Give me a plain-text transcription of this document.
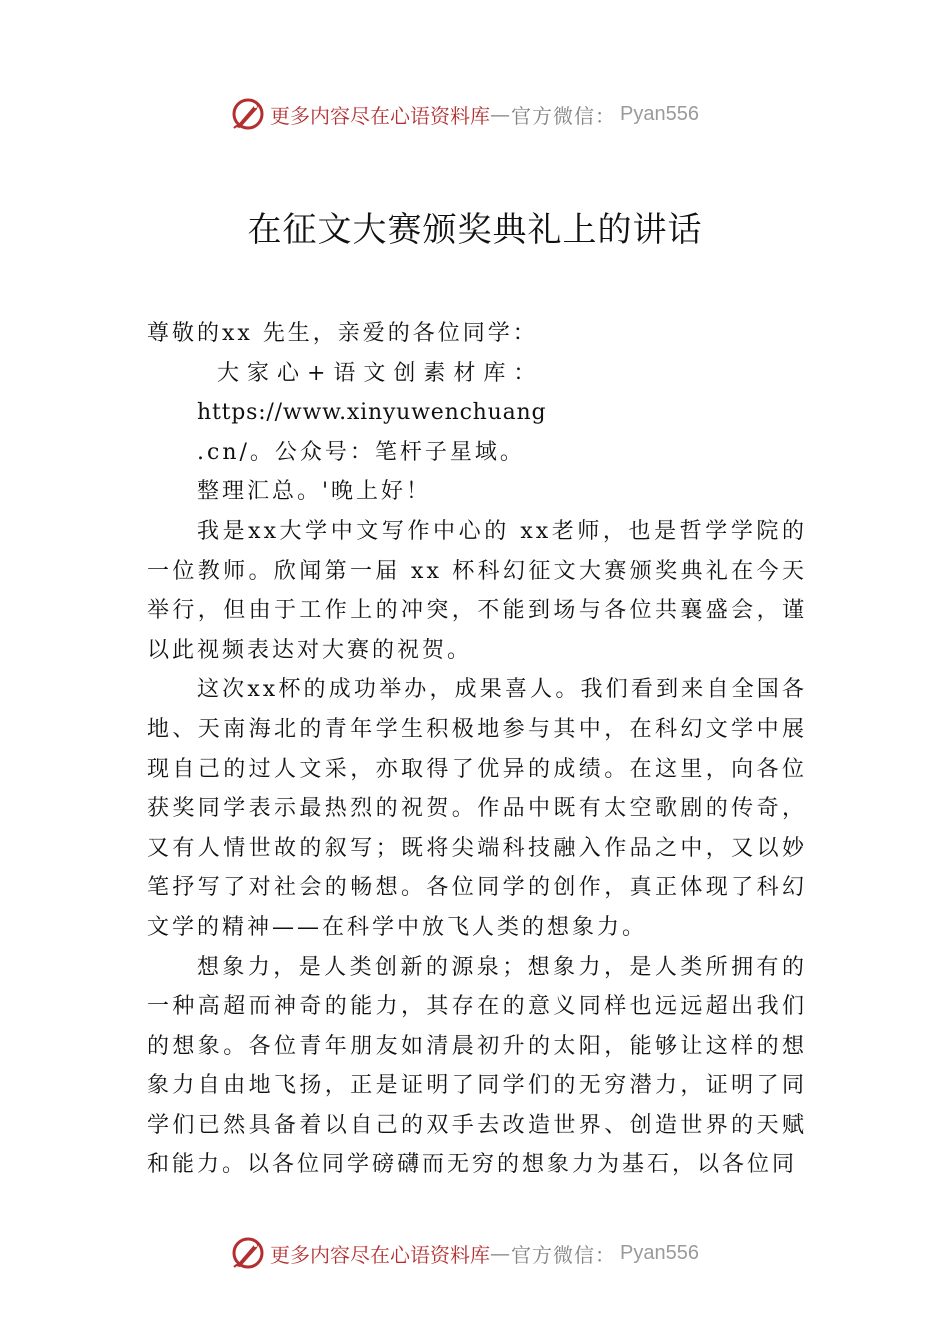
更多内容尽在心语资料库 — 官方微信： Pyan556
在征文大赛颁奖典礼上的讲话

尊敬的xx 先生，亲爱的各位同学：

大家心+语文创素材库：

https://www.xinyuwenchuang

.cn/。公众号：笔杆子星域。

整理汇总。'晚上好！

我是xx大学中文写作中心的 xx老师，也是哲学学院的一位教师。欣闻第一届 xx 杯科幻征文大赛颁奖典礼在今天举行，但由于工作上的冲突，不能到场与各位共襄盛会，谨以此视频表达对大赛的祝贺。

这次xx杯的成功举办，成果喜人。我们看到来自全国各地、天南海北的青年学生积极地参与其中，在科幻文学中展现自己的过人文采，亦取得了优异的成绩。在这里，向各位获奖同学表示最热烈的祝贺。作品中既有太空歌剧的传奇，又有人情世故的叙写；既将尖端科技融入作品之中，又以妙笔抒写了对社会的畅想。各位同学的创作，真正体现了科幻文学的精神——在科学中放飞人类的想象力。

想象力，是人类创新的源泉；想象力，是人类所拥有的一种高超而神奇的能力，其存在的意义同样也远远超出我们的想象。各位青年朋友如清晨初升的太阳，能够让这样的想象力自由地飞扬，正是证明了同学们的无穷潜力，证明了同学们已然具备着以自己的双手去改造世界、创造世界的天赋和能力。以各位同学磅礴而无穷的想象力为基石，以各位同

更多内容尽在心语资料库 — 官方微信： Pyan556
